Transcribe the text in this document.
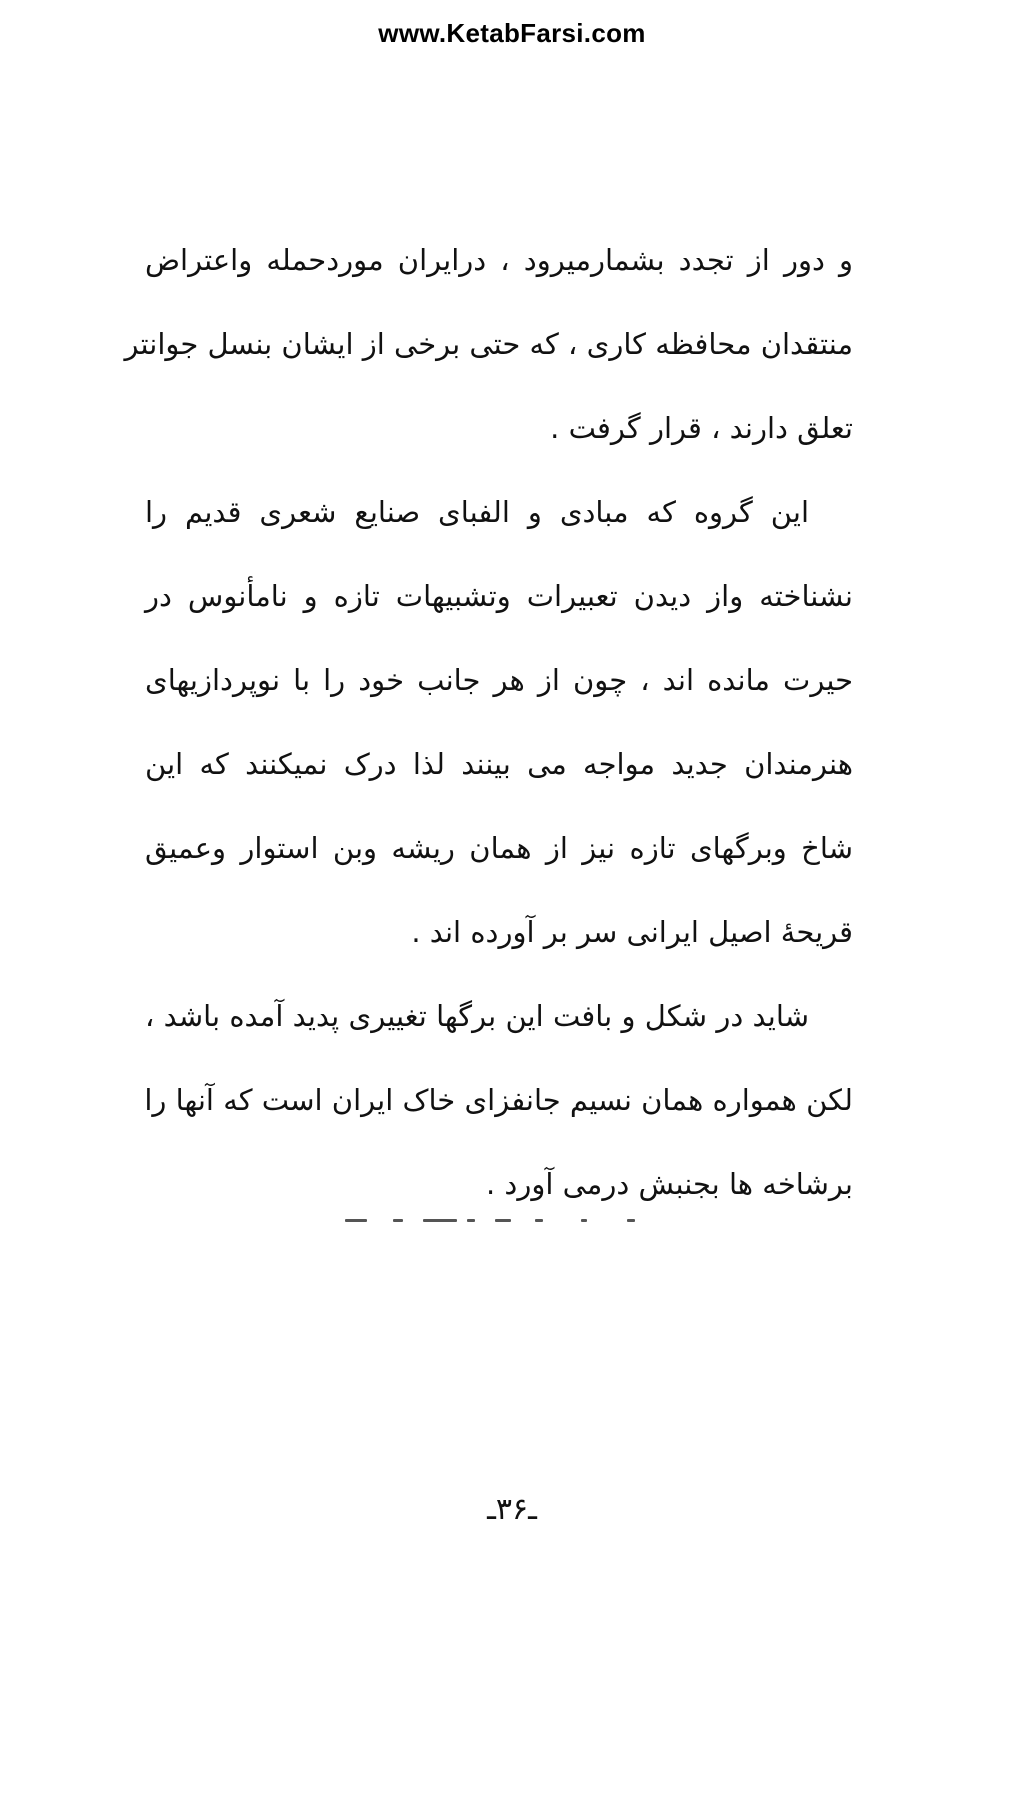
www.KetabFarsi.com

و دور از تجدد بشمارمیرود ، درایران موردحمله واعتراض
منتقدان محافظه کاری ، که حتی برخی از ایشان بنسل جوانتر
تعلق دارند ، قرار گرفت .

این گروه که مبادی و الفبای صنایع شعری قدیم را
نشناخته واز دیدن تعبیرات وتشبیهات تازه و نامأنوس در
حیرت مانده اند ، چون از هر جانب خود را با نوپردازیهای
هنرمندان جدید مواجه می بینند لذا درک نمیکنند که این
شاخ وبرگهای تازه نیز از همان ریشه وبن استوار وعمیق
قریحهٔ اصیل ایرانی سر بر آورده اند .

شاید در شکل و بافت این برگها تغییری پدید آمده باشد ،
لکن همواره همان نسیم جانفزای خاک ایران است که آنها را
برشاخه ها بجنبش درمی آورد .

ـ۳۶ـ
